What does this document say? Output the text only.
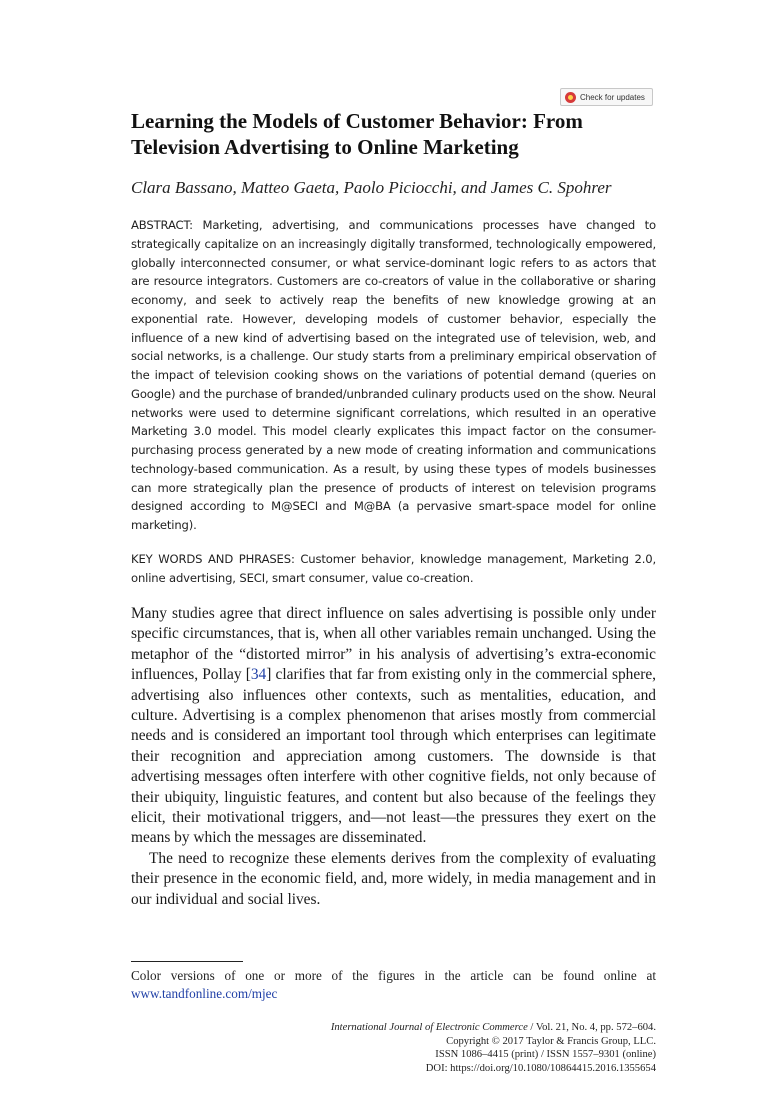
Check for updates
Learning the Models of Customer Behavior: From Television Advertising to Online Marketing
Clara Bassano, Matteo Gaeta, Paolo Piciocchi, and James C. Spohrer
ABSTRACT: Marketing, advertising, and communications processes have changed to strategically capitalize on an increasingly digitally transformed, technologically empowered, globally interconnected consumer, or what service-dominant logic refers to as actors that are resource integrators. Customers are co-creators of value in the collaborative or sharing economy, and seek to actively reap the benefits of new knowledge growing at an exponential rate. However, developing models of customer behavior, especially the influence of a new kind of advertising based on the integrated use of television, web, and social networks, is a challenge. Our study starts from a preliminary empirical observation of the impact of television cooking shows on the variations of potential demand (queries on Google) and the purchase of branded/unbranded culinary products used on the show. Neural networks were used to determine significant correlations, which resulted in an operative Marketing 3.0 model. This model clearly explicates this impact factor on the consumer-purchasing process generated by a new mode of creating information and communications technology-based communication. As a result, by using these types of models businesses can more strategically plan the presence of products of interest on television programs designed according to M@SECI and M@BA (a pervasive smart-space model for online marketing).
KEY WORDS AND PHRASES: Customer behavior, knowledge management, Marketing 2.0, online advertising, SECI, smart consumer, value co-creation.

Many studies agree that direct influence on sales advertising is possible only under specific circumstances, that is, when all other variables remain unchanged. Using the metaphor of the “distorted mirror” in his analysis of advertising’s extra-economic influences, Pollay [34] clarifies that far from existing only in the commercial sphere, advertising also influences other contexts, such as mentalities, education, and culture. Advertising is a complex phenomenon that arises mostly from commercial needs and is considered an important tool through which enterprises can legitimate their recognition and appreciation among customers. The downside is that advertising messages often interfere with other cognitive fields, not only because of their ubiquity, linguistic features, and content but also because of the feelings they elicit, their motivational triggers, and—not least—the pressures they exert on the means by which the messages are disseminated.

The need to recognize these elements derives from the complexity of evaluating their presence in the economic field, and, more widely, in media management and in our individual and social lives.

Color versions of one or more of the figures in the article can be found online at www.tandfonline.com/mjec
International Journal of Electronic Commerce / Vol. 21, No. 4, pp. 572–604.
Copyright © 2017 Taylor & Francis Group, LLC.
ISSN 1086–4415 (print) / ISSN 1557–9301 (online)
DOI: https://doi.org/10.1080/10864415.2016.1355654
